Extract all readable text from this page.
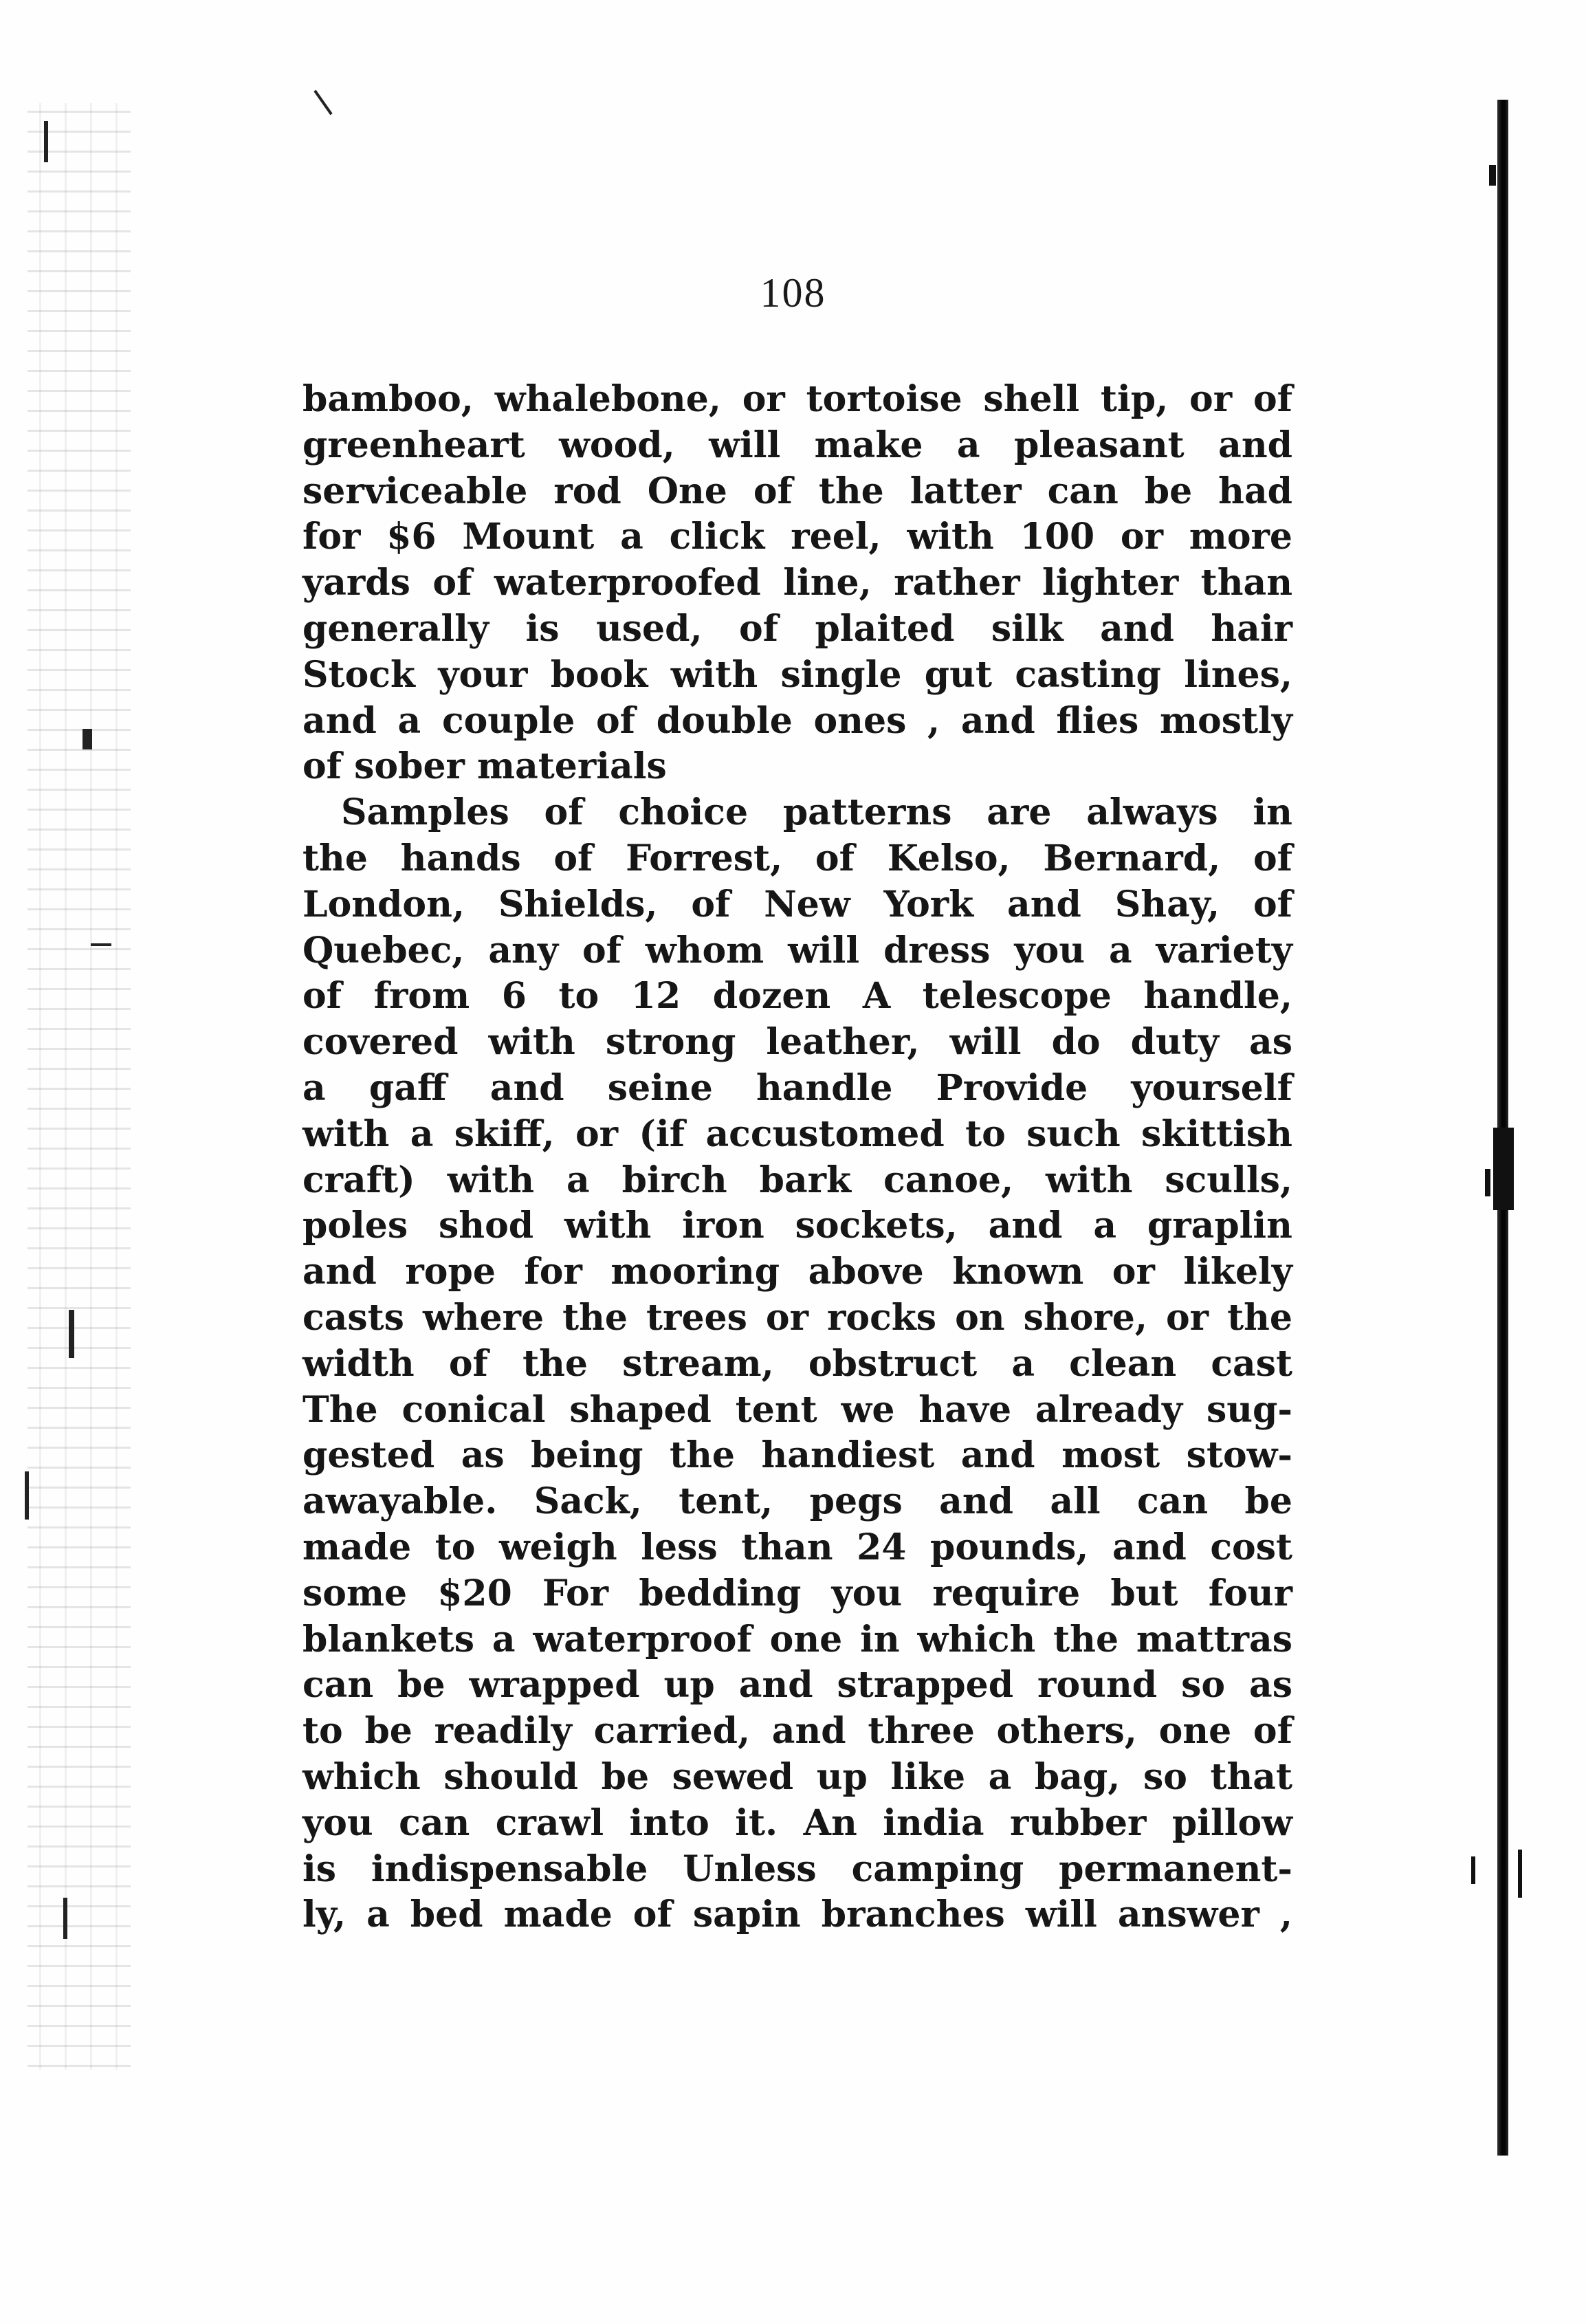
108
bamboo, whalebone, or tortoise shell tip, or of
greenheart wood, will make a pleasant and
serviceable rod One of the latter can be had
for $6 Mount a click reel, with 100 or more
yards of waterproofed line, rather lighter than
generally is used, of plaited silk and hair
Stock your book with single gut casting lines,
and a couple of double ones , and flies mostly
of sober materials
Samples of choice patterns are always in
the hands of Forrest, of Kelso, Bernard, of
London, Shields, of New York and Shay, of
Quebec, any of whom will dress you a variety
of from 6 to 12 dozen A telescope handle,
covered with strong leather, will do duty as
a gaff and seine handle Provide yourself
with a skiff, or (if accustomed to such skittish
craft) with a birch bark canoe, with sculls,
poles shod with iron sockets, and a graplin
and rope for mooring above known or likely
casts where the trees or rocks on shore, or the
width of the stream, obstruct a clean cast
The conical shaped tent we have already sug-
gested as being the handiest and most stow-
awayable. Sack, tent, pegs and all can be
made to weigh less than 24 pounds, and cost
some $20 For bedding you require but four
blankets a waterproof one in which the mattras
can be wrapped up and strapped round so as
to be readily carried, and three others, one of
which should be sewed up like a bag, so that
you can crawl into it. An india rubber pillow
is indispensable Unless camping permanent-
ly, a bed made of sapin branches will answer ,
